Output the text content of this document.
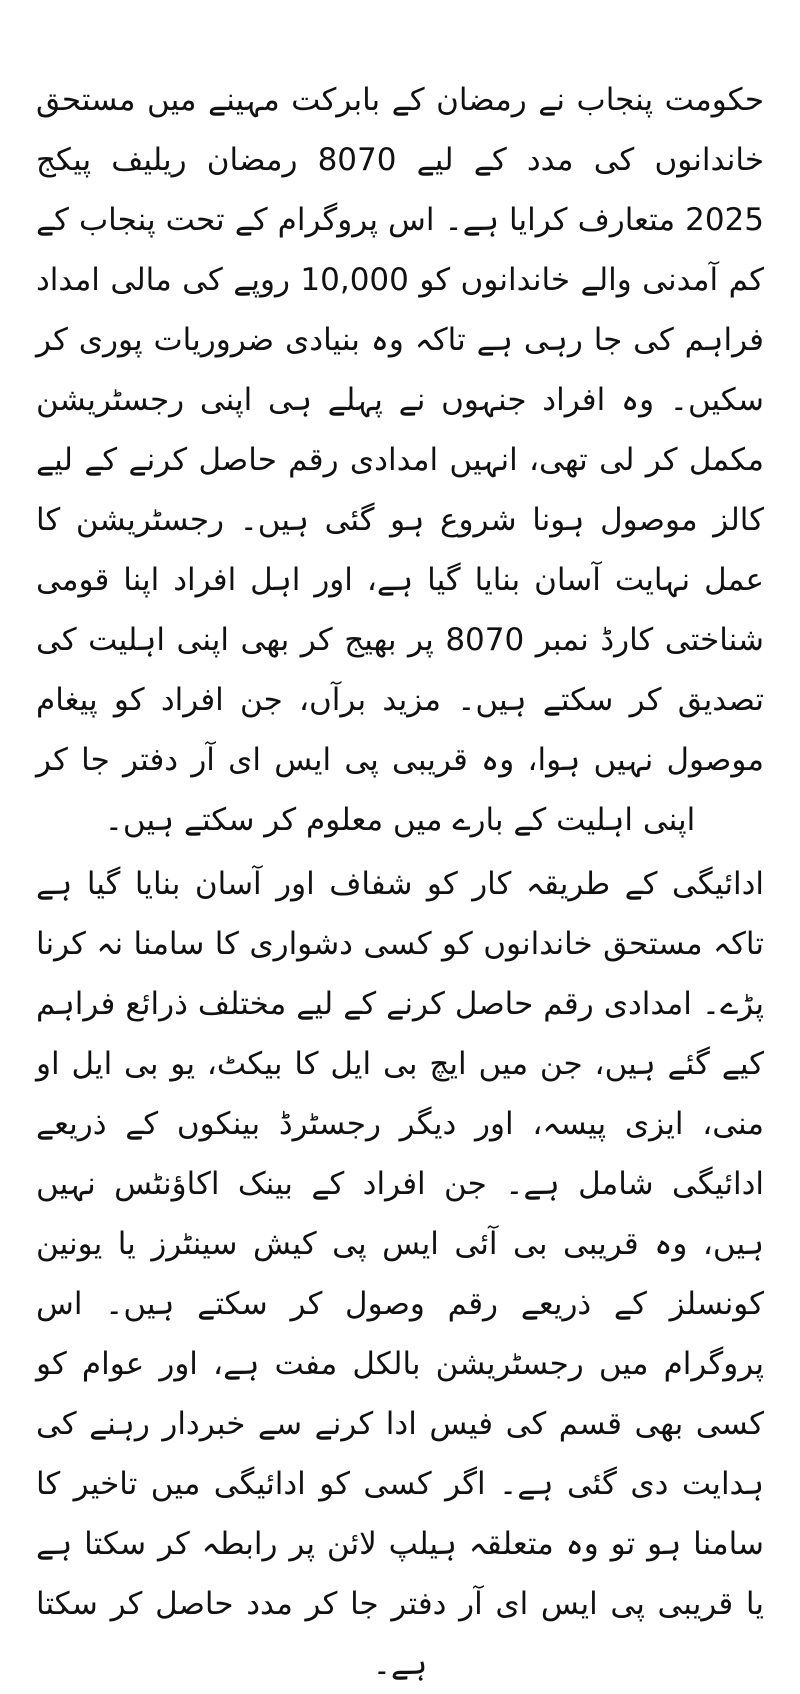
حکومت پنجاب نے رمضان کے بابرکت مہینے میں مستحق خاندانوں کی مدد کے لیے 8070 رمضان ریلیف پیکج 2025 متعارف کرایا ہے۔ اس پروگرام کے تحت پنجاب کے کم آمدنی والے خاندانوں کو 10,000 روپے کی مالی امداد فراہم کی جا رہی ہے تاکہ وہ بنیادی ضروریات پوری کر سکیں۔ وہ افراد جنہوں نے پہلے ہی اپنی رجسٹریشن مکمل کر لی تھی، انہیں امدادی رقم حاصل کرنے کے لیے کالز موصول ہونا شروع ہو گئی ہیں۔ رجسٹریشن کا عمل نہایت آسان بنایا گیا ہے، اور اہل افراد اپنا قومی شناختی کارڈ نمبر 8070 پر بھیج کر بھی اپنی اہلیت کی تصدیق کر سکتے ہیں۔ مزید برآں، جن افراد کو پیغام موصول نہیں ہوا، وہ قریبی پی ایس ای آر دفتر جا کر اپنی اہلیت کے بارے میں معلوم کر سکتے ہیں۔

ادائیگی کے طریقہ کار کو شفاف اور آسان بنایا گیا ہے تاکہ مستحق خاندانوں کو کسی دشواری کا سامنا نہ کرنا پڑے۔ امدادی رقم حاصل کرنے کے لیے مختلف ذرائع فراہم کیے گئے ہیں، جن میں ایچ بی ایل کا بیکٹ، یو بی ایل او منی، ایزی پیسہ، اور دیگر رجسٹرڈ بینکوں کے ذریعے ادائیگی شامل ہے۔ جن افراد کے بینک اکاؤنٹس نہیں ہیں، وہ قریبی بی آئی ایس پی کیش سینٹرز یا یونین کونسلز کے ذریعے رقم وصول کر سکتے ہیں۔ اس پروگرام میں رجسٹریشن بالکل مفت ہے، اور عوام کو کسی بھی قسم کی فیس ادا کرنے سے خبردار رہنے کی ہدایت دی گئی ہے۔ اگر کسی کو ادائیگی میں تاخیر کا سامنا ہو تو وہ متعلقہ ہیلپ لائن پر رابطہ کر سکتا ہے یا قریبی پی ایس ای آر دفتر جا کر مدد حاصل کر سکتا ہے۔
